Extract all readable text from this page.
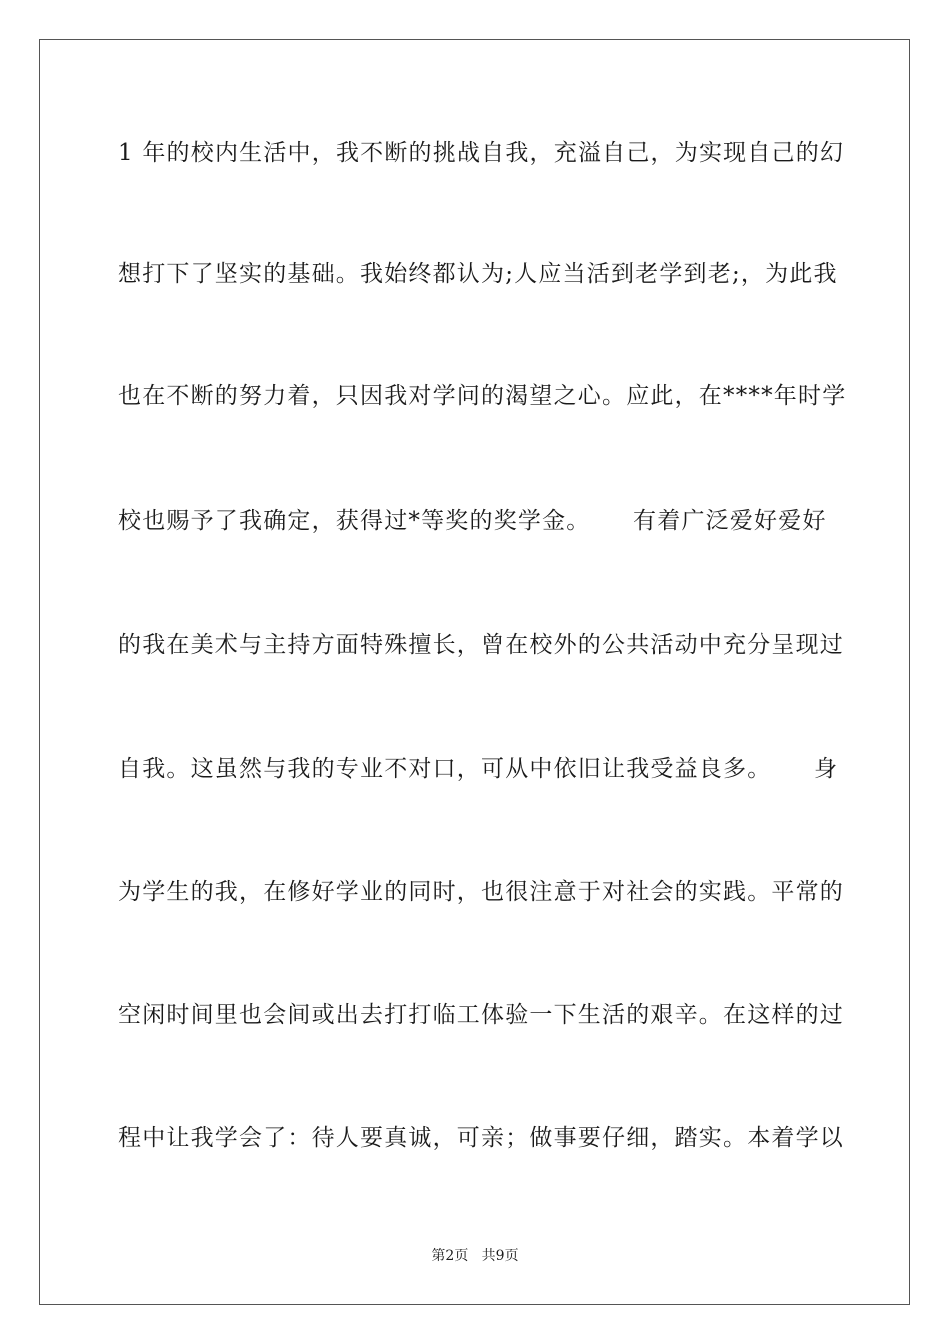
1 年的校内生活中，我不断的挑战自我，充溢自己，为实现自己的幻
想打下了坚实的基础。我始终都认为;人应当活到老学到老;，为此我
也在不断的努力着，只因我对学问的渴望之心。应此，在****年时学
校也赐予了我确定，获得过*等奖的奖学金。     有着广泛爱好爱好
的我在美术与主持方面特殊擅长，曾在校外的公共活动中充分呈现过
自我。这虽然与我的专业不对口，可从中依旧让我受益良多。     身
为学生的我，在修好学业的同时，也很注意于对社会的实践。平常的
空闲时间里也会间或出去打打临工体验一下生活的艰辛。在这样的过
程中让我学会了：待人要真诚，可亲；做事要仔细，踏实。本着学以
第2页   共9页
